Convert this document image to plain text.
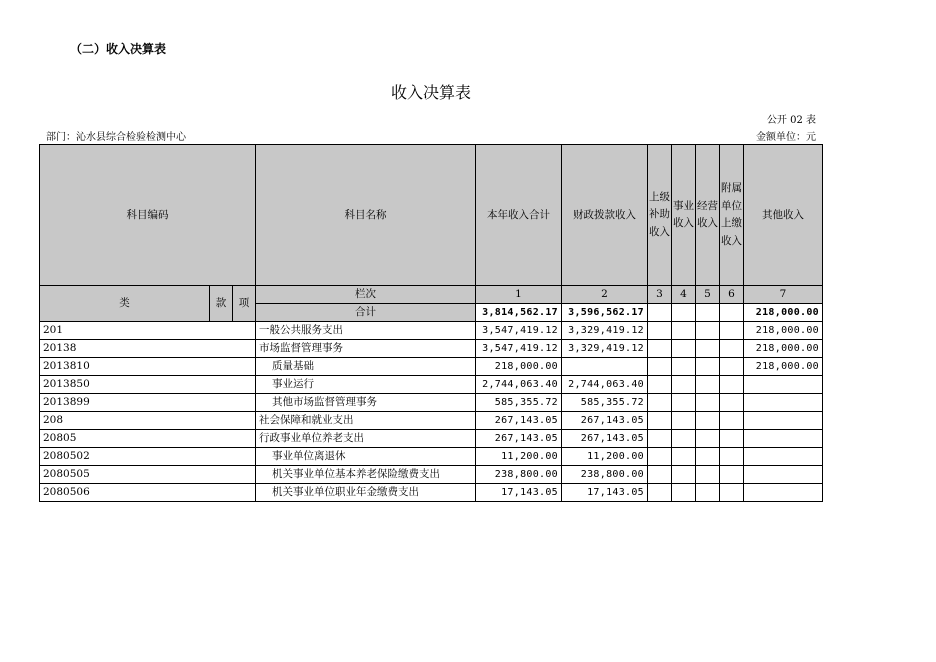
（二）收入决算表
收入决算表
公开 02 表
部门：沁水县综合检验检测中心	金额单位：元
科目编码			科目名称	本年收入合计	财政拨款收入	上级补助收入	事业收入	经营收入	附属单位上缴收入	其他收入
类	款	项	栏次	1	2	3	4	5	6	7
			合计	3,814,562.17	3,596,562.17					218,000.00
201			一般公共服务支出	3,547,419.12	3,329,419.12					218,000.00
20138			市场监督管理事务	3,547,419.12	3,329,419.12					218,000.00
2013810			质量基础	218,000.00						218,000.00
2013850			事业运行	2,744,063.40	2,744,063.40					
2013899			其他市场监督管理事务	585,355.72	585,355.72					
208			社会保障和就业支出	267,143.05	267,143.05					
20805			行政事业单位养老支出	267,143.05	267,143.05					
2080502			事业单位离退休	11,200.00	11,200.00					
2080505			机关事业单位基本养老保险缴费支出	238,800.00	238,800.00					
2080506			机关事业单位职业年金缴费支出	17,143.05	17,143.05					
